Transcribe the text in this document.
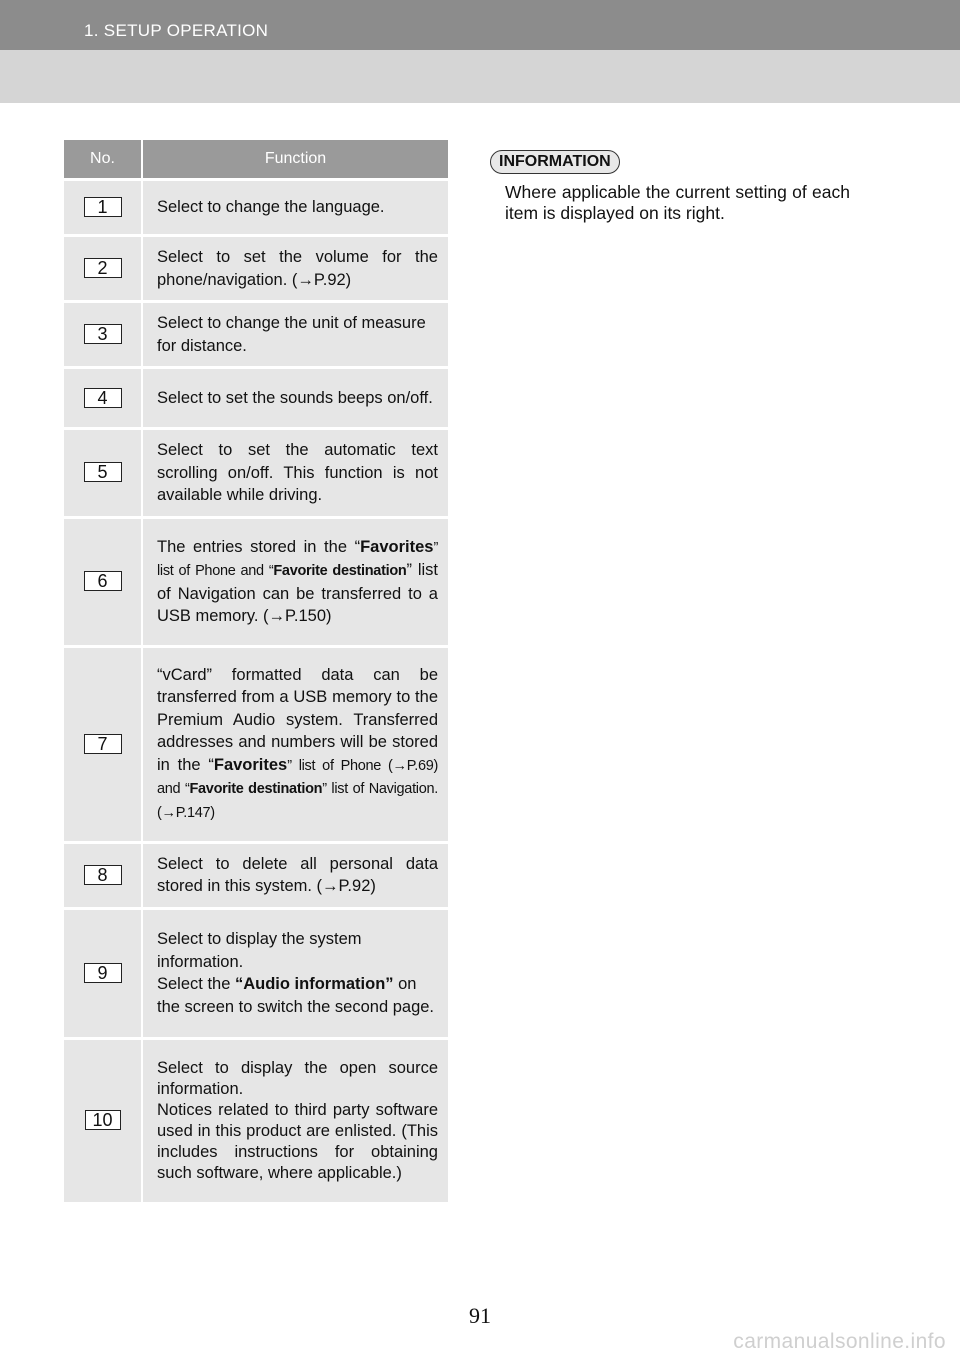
1. SETUP OPERATION
No.	Function
1	Select to change the language.
2	Select to set the volume for the phone/navigation. (→P.92)
3	Select to change the unit of measure for distance.
4	Select to set the sounds beeps on/off.
5	Select to set the automatic text scrolling on/off. This function is not available while driving.
6	The entries stored in the “Favorites” list of Phone and “Favorite destination” list of Navigation can be transferred to a USB memory. (→P.150)
7	“vCard” formatted data can be transferred from a USB memory to the Premium Audio system. Transferred addresses and numbers will be stored in the “Favorites” list of Phone (→P.69) and “Favorite destination” list of Navigation. (→P.147)
8	Select to delete all personal data stored in this system. (→P.92)
9	Select to display the system information.
Select the “Audio information” on the screen to switch the second page.

10	Select to display the open source information.
Notices related to third party software used in this product are enlisted. (This includes instructions for obtaining such software, where applicable.)
INFORMATION
Where applicable the current setting of each item is displayed on its right.
91
carmanualsonline.info
